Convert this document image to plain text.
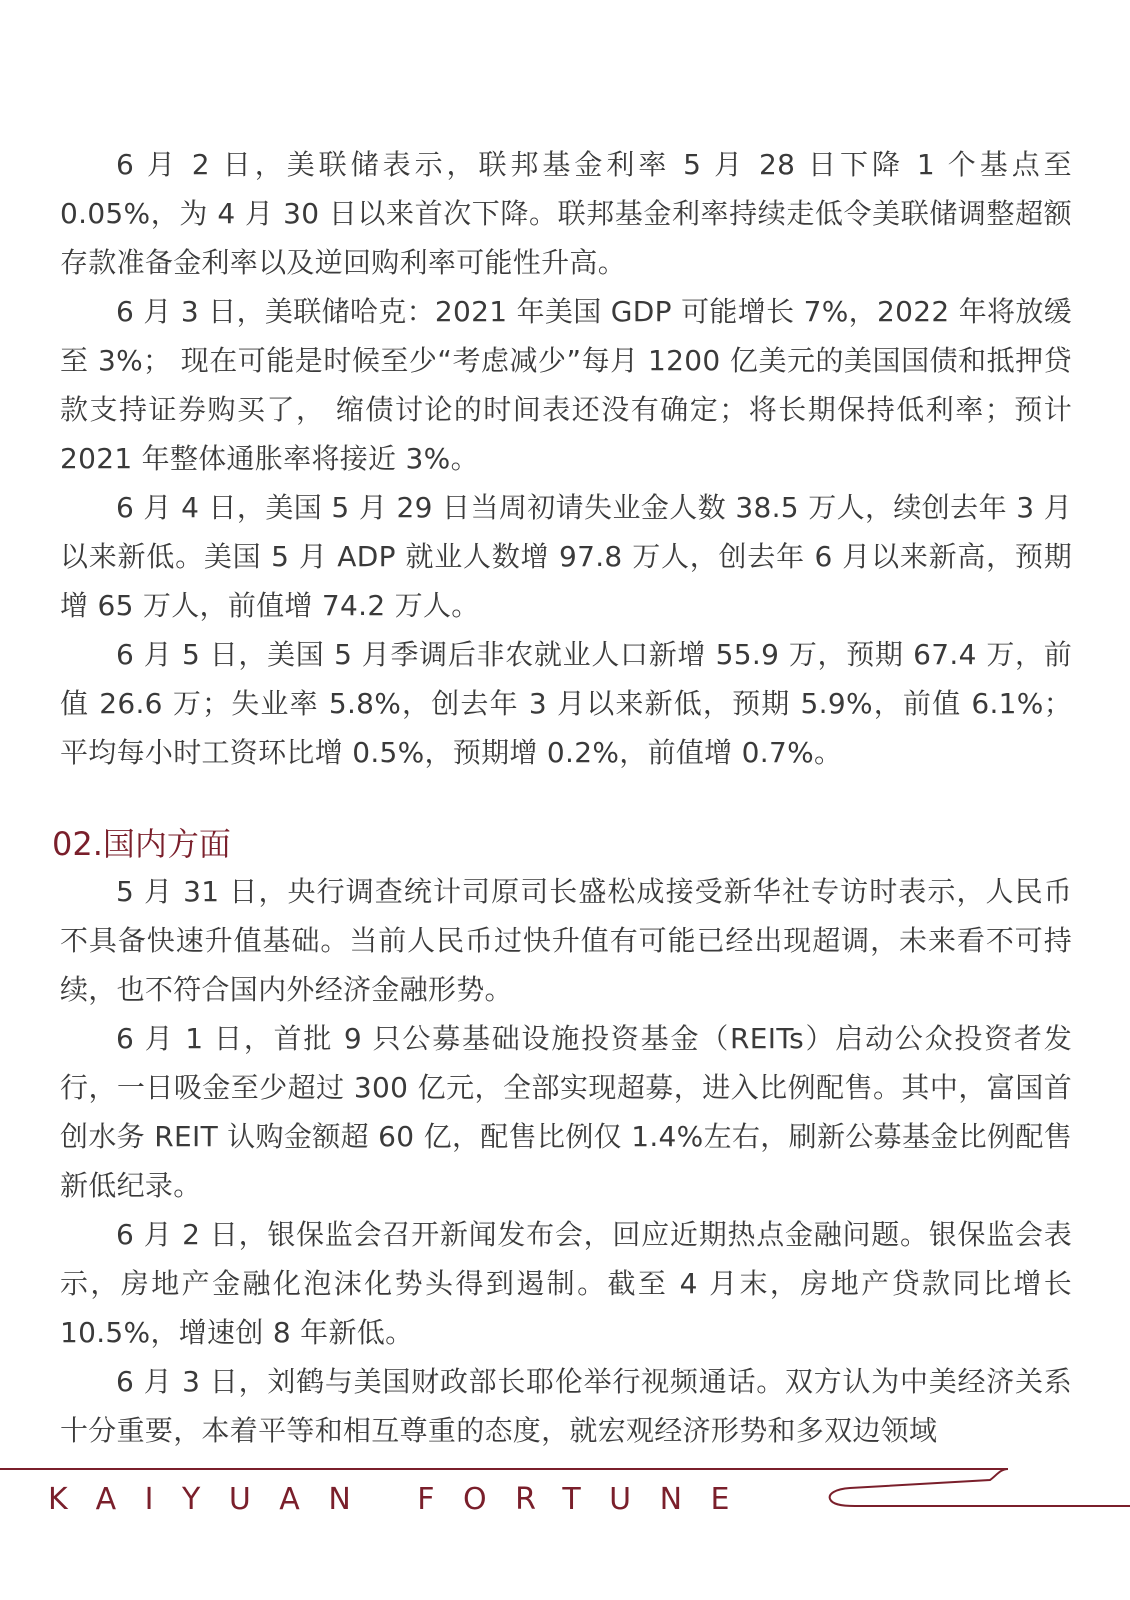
6 月 2 日，美联储表示，联邦基金利率 5 月 28 日下降 1 个基点至 0.05%，为 4 月 30 日以来首次下降。联邦基金利率持续走低令美联储调整超额存款准备金利率以及逆回购利率可能性升高。

6 月 3 日，美联储哈克：2021 年美国 GDP 可能增长 7%，2022 年将放缓至 3%； 现在可能是时候至少“考虑减少”每月 1200 亿美元的美国国债和抵押贷款支持证券购买了， 缩债讨论的时间表还没有确定；将长期保持低利率；预计 2021 年整体通胀率将接近 3%。

6 月 4 日，美国 5 月 29 日当周初请失业金人数 38.5 万人，续创去年 3 月以来新低。美国 5 月 ADP 就业人数增 97.8 万人，创去年 6 月以来新高，预期增 65 万人，前值增 74.2 万人。

6 月 5 日，美国 5 月季调后非农就业人口新增 55.9 万，预期 67.4 万，前值 26.6 万；失业率 5.8%，创去年 3 月以来新低，预期 5.9%，前值 6.1%；平均每小时工资环比增 0.5%，预期增 0.2%，前值增 0.7%。

02.国内方面

5 月 31 日，央行调查统计司原司长盛松成接受新华社专访时表示，人民币不具备快速升值基础。当前人民币过快升值有可能已经出现超调，未来看不可持续，也不符合国内外经济金融形势。

6 月 1 日，首批 9 只公募基础设施投资基金（REITs）启动公众投资者发行，一日吸金至少超过 300 亿元，全部实现超募，进入比例配售。其中，富国首创水务 REIT 认购金额超 60 亿，配售比例仅 1.4%左右，刷新公募基金比例配售新低纪录。

6 月 2 日，银保监会召开新闻发布会，回应近期热点金融问题。银保监会表示，房地产金融化泡沫化势头得到遏制。截至 4 月末，房地产贷款同比增长 10.5%，增速创 8 年新低。

6 月 3 日，刘鹤与美国财政部长耶伦举行视频通话。双方认为中美经济关系十分重要，本着平等和相互尊重的态度，就宏观经济形势和多双边领域

KAIYUAN FORTUNE
